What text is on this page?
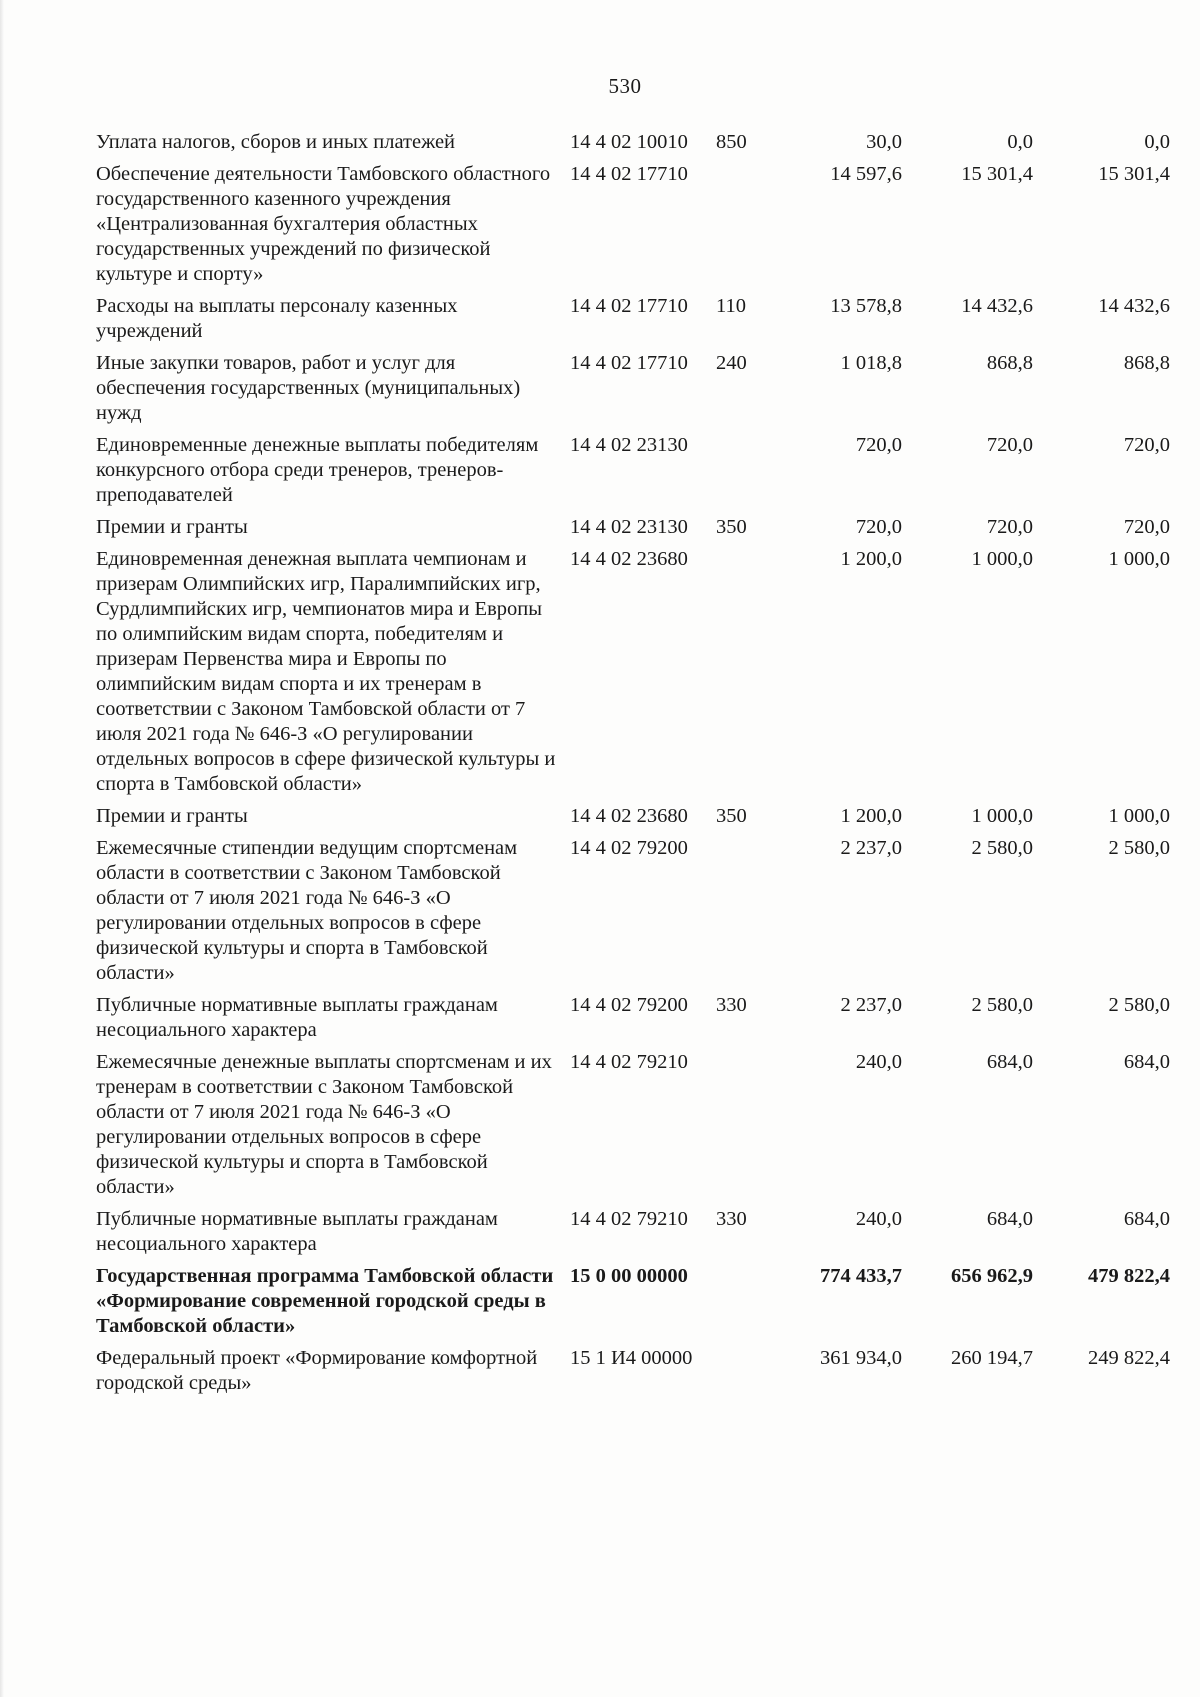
530
Уплата налогов, сборов и иных платежей	14 4 02 10010	850	30,0	0,0	0,0
Обеспечение деятельности Тамбовского областного государственного казенного учреждения «Централизованная бухгалтерия областных государственных учреждений по физической культуре и спорту»	14 4 02 17710		14 597,6	15 301,4	15 301,4
Расходы на выплаты персоналу казенных учреждений	14 4 02 17710	110	13 578,8	14 432,6	14 432,6
Иные закупки товаров, работ и услуг для обеспечения государственных (муниципальных) нужд	14 4 02 17710	240	1 018,8	868,8	868,8
Единовременные денежные выплаты победителям конкурсного отбора среди тренеров, тренеров-преподавателей	14 4 02 23130		720,0	720,0	720,0
Премии и гранты	14 4 02 23130	350	720,0	720,0	720,0
Единовременная денежная выплата чемпионам и призерам Олимпийских игр, Паралимпийских игр, Сурдлимпийских игр, чемпионатов мира и Европы по олимпийским видам спорта, победителям и призерам Первенства мира и Европы по олимпийским видам спорта и их тренерам в соответствии с Законом Тамбовской области от 7 июля 2021 года № 646-З «О регулировании отдельных вопросов в сфере физической культуры и спорта в Тамбовской области»	14 4 02 23680		1 200,0	1 000,0	1 000,0
Премии и гранты	14 4 02 23680	350	1 200,0	1 000,0	1 000,0
Ежемесячные стипендии ведущим спортсменам области в соответствии с Законом Тамбовской области от 7 июля 2021 года № 646-З «О регулировании отдельных вопросов в сфере физической культуры и спорта в Тамбовской области»	14 4 02 79200		2 237,0	2 580,0	2 580,0
Публичные нормативные выплаты гражданам несоциального характера	14 4 02 79200	330	2 237,0	2 580,0	2 580,0
Ежемесячные денежные выплаты спортсменам и их тренерам в соответствии с Законом Тамбовской области от 7 июля 2021 года № 646-З «О регулировании отдельных вопросов в сфере физической культуры и спорта в Тамбовской области»	14 4 02 79210		240,0	684,0	684,0
Публичные нормативные выплаты гражданам несоциального характера	14 4 02 79210	330	240,0	684,0	684,0
Государственная программа Тамбовской области «Формирование современной городской среды в Тамбовской области»	15 0 00 00000		774 433,7	656 962,9	479 822,4
Федеральный проект «Формирование комфортной городской среды»	15 1 И4 00000		361 934,0	260 194,7	249 822,4
